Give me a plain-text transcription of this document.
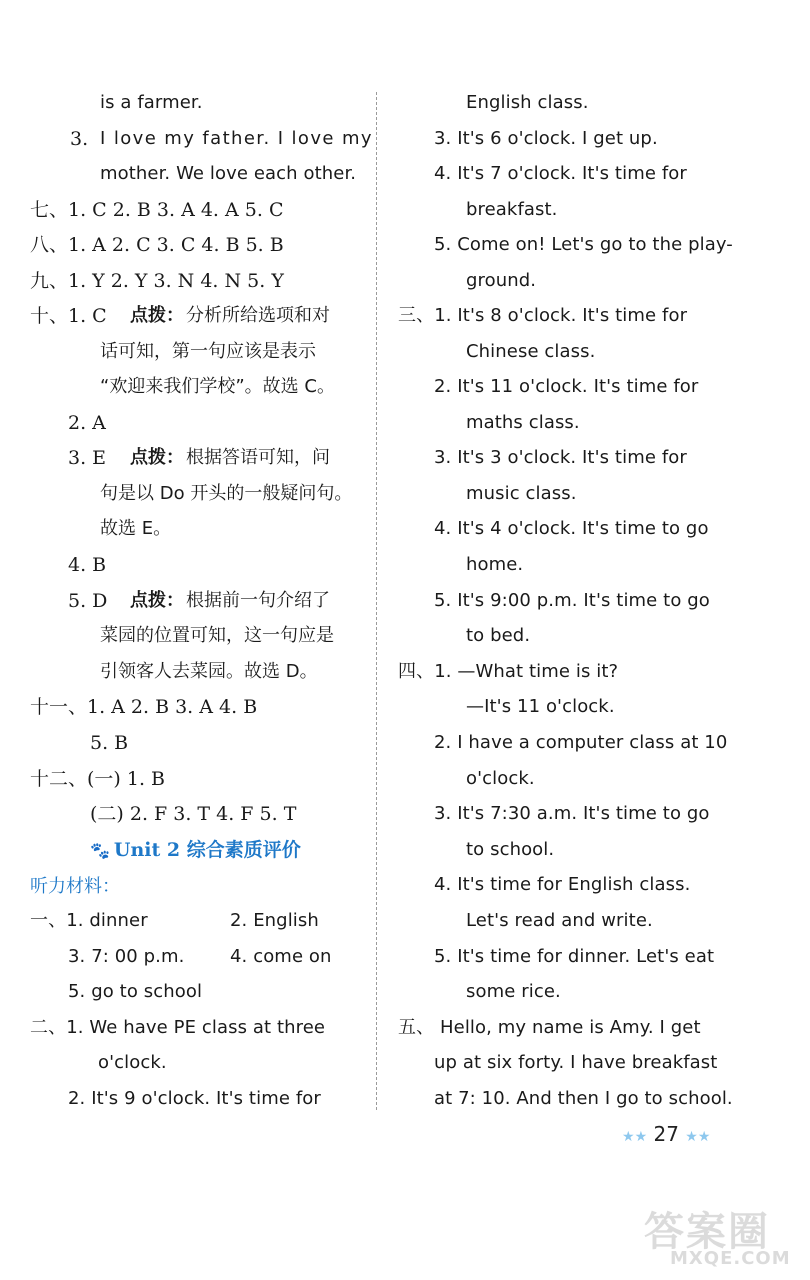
is a farmer.
3. I love my father. I love my
mother. We love each other.
七、1. C 2. B 3. A 4. A 5. C
八、1. A 2. C 3. C 4. B 5. B
九、1. Y 2. Y 3. N 4. N 5. Y
十、1. C 点拨： 分析所给选项和对
话可知，第一句应该是表示
“欢迎来我们学校”。故选 C。
2. A
3. E 点拨： 根据答语可知，问
句是以 Do 开头的一般疑问句。
故选 E。
4. B
5. D 点拨： 根据前一句介绍了
菜园的位置可知，这一句应是
引领客人去菜园。故选 D。
十一、1. A 2. B 3. A 4. B
5. B
十二、(一) 1. B
(二) 2. F 3. T 4. F 5. T
🐾 Unit 2 综合素质评价
听力材料：
一、1. dinner	2. English
3. 7: 00 p.m.	4. come on
5. go to school
二、1. We have PE class at three
o'clock.
2. It's 9 o'clock. It's time for
English class.
3. It's 6 o'clock. I get up.
4. It's 7 o'clock. It's time for
breakfast.
5. Come on! Let's go to the play-
ground.
三、1. It's 8 o'clock. It's time for
Chinese class.
2. It's 11 o'clock. It's time for
maths class.
3. It's 3 o'clock. It's time for
music class.
4. It's 4 o'clock. It's time to go
home.
5. It's 9:00 p.m. It's time to go
to bed.
四、1. —What time is it?
—It's 11 o'clock.
2. I have a computer class at 10
o'clock.
3. It's 7:30 a.m. It's time to go
to school.
4. It's time for English class.
Let's read and write.
5. It's time for dinner. Let's eat
some rice.
五、 Hello, my name is Amy. I get
up at six forty. I have breakfast
at 7: 10. And then I go to school.
★★ 27 ★★
答案圈
MXQE.COM
